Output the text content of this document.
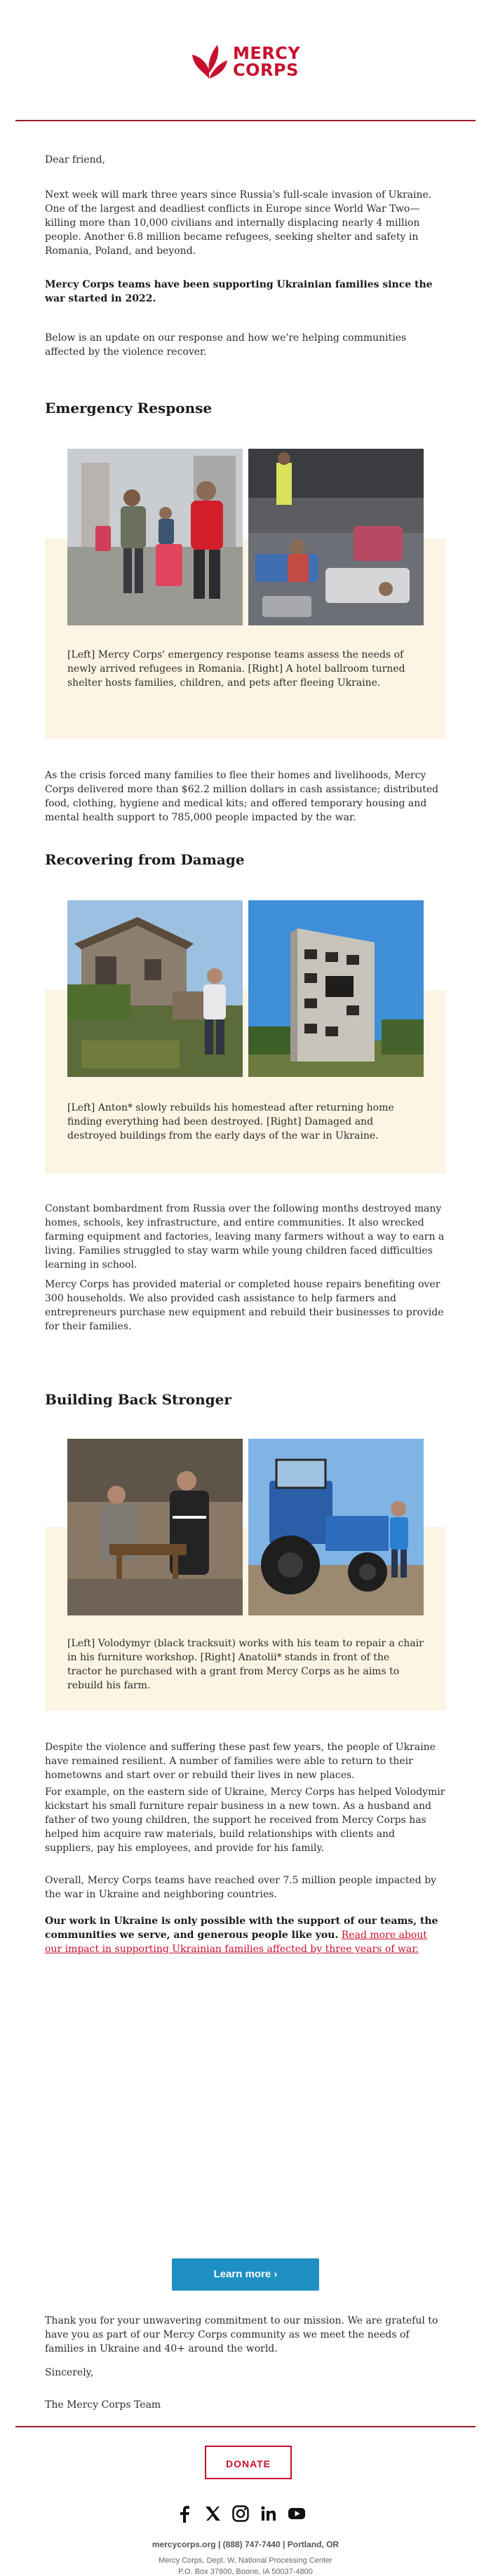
MERCY
CORPS
Dear friend,
Next week will mark three years since Russia's full-scale invasion of Ukraine. One of the largest and deadliest conflicts in Europe since World War Two—killing more than 10,000 civilians and internally displacing nearly 4 million people. Another 6.8 million became refugees, seeking shelter and safety in Romania, Poland, and beyond.
Mercy Corps teams have been supporting Ukrainian families since the war started in 2022.
Below is an update on our response and how we're helping communities affected by the violence recover.
Emergency Response
[Left] Mercy Corps' emergency response teams assess the needs of newly arrived refugees in Romania. [Right] A hotel ballroom turned shelter hosts families, children, and pets after fleeing Ukraine.
As the crisis forced many families to flee their homes and livelihoods, Mercy Corps delivered more than $62.2 million dollars in cash assistance; distributed food, clothing, hygiene and medical kits; and offered temporary housing and mental health support to 785,000 people impacted by the war.
Recovering from Damage
[Left] Anton* slowly rebuilds his homestead after returning home finding everything had been destroyed. [Right] Damaged and destroyed buildings from the early days of the war in Ukraine.
Constant bombardment from Russia over the following months destroyed many homes, schools, key infrastructure, and entire communities. It also wrecked farming equipment and factories, leaving many farmers without a way to earn a living. Families struggled to stay warm while young children faced difficulties learning in school.
Mercy Corps has provided material or completed house repairs benefiting over 300 households. We also provided cash assistance to help farmers and entrepreneurs purchase new equipment and rebuild their businesses to provide for their families.
Building Back Stronger
[Left] Volodymyr (black tracksuit) works with his team to repair a chair in his furniture workshop. [Right] Anatolii* stands in front of the tractor he purchased with a grant from Mercy Corps as he aims to rebuild his farm.
Despite the violence and suffering these past few years, the people of Ukraine have remained resilient. A number of families were able to return to their hometowns and start over or rebuild their lives in new places.
For example, on the eastern side of Ukraine, Mercy Corps has helped Volodymir kickstart his small furniture repair business in a new town. As a husband and father of two young children, the support he received from Mercy Corps has helped him acquire raw materials, build relationships with clients and suppliers, pay his employees, and provide for his family.
Overall, Mercy Corps teams have reached over 7.5 million people impacted by the war in Ukraine and neighboring countries.
Our work in Ukraine is only possible with the support of our teams, the communities we serve, and generous people like you. Read more about our impact in supporting Ukrainian families affected by three years of war.
Learn more ›
Thank you for your unwavering commitment to our mission. We are grateful to have you as part of our Mercy Corps community as we meet the needs of families in Ukraine and 40+ around the world.
Sincerely,
The Mercy Corps Team
DONATE
mercycorps.org | (888) 747-7440 | Portland, OR
Mercy Corps, Dept. W, National Processing Center
P.O. Box 37800, Boone, IA 50037-4800
